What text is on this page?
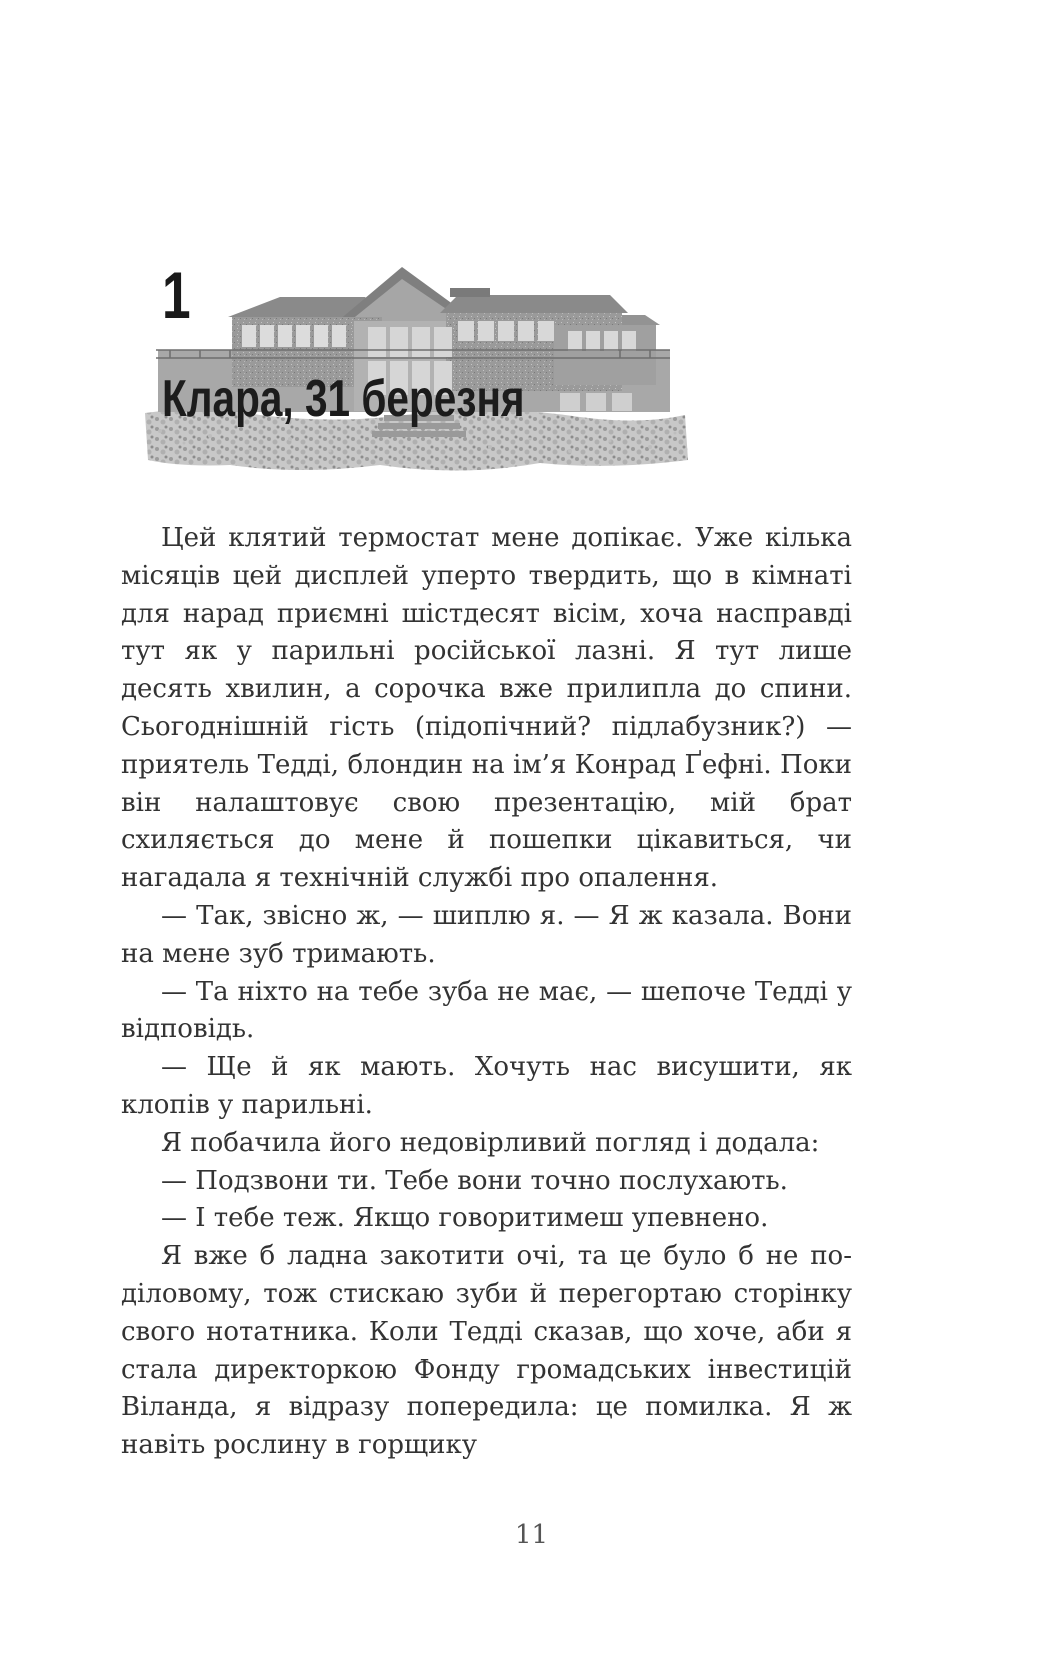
1
Клара, 31 березня

Цей клятий термостат мене допікає. Уже кілька місяців цей дисплей уперто твердить, що в кімнаті для нарад приємні шістдесят вісім, хоча насправді тут як у парильні російської лазні. Я тут лише десять хвилин, а сорочка вже прилипла до спини. Сьогоднішній гість (підопічний? підлабузник?) — приятель Тедді, блондин на ім’я Конрад Ґефні. Поки він налаштовує свою презентацію, мій брат схиляється до мене й пошепки цікавиться, чи нагадала я технічній службі про опалення.

— Так, звісно ж, — шиплю я. — Я ж казала. Вони на мене зуб тримають.

— Та ніхто на тебе зуба не має, — шепоче Тедді у відповідь.

— Ще й як мають. Хочуть нас висушити, як клопів у парильні.

Я побачила його недовірливий погляд і додала:

— Подзвони ти. Тебе вони точно послухають.

— І тебе теж. Якщо говоритимеш упевнено.

Я вже б ладна закотити очі, та це було б не по-діловому, тож стискаю зуби й перегортаю сторінку свого нотатника. Коли Тедді сказав, що хоче, аби я стала директоркою Фонду громадських інвестицій Віланда, я відразу попередила: це помилка. Я ж навіть рослину в горщику

11
